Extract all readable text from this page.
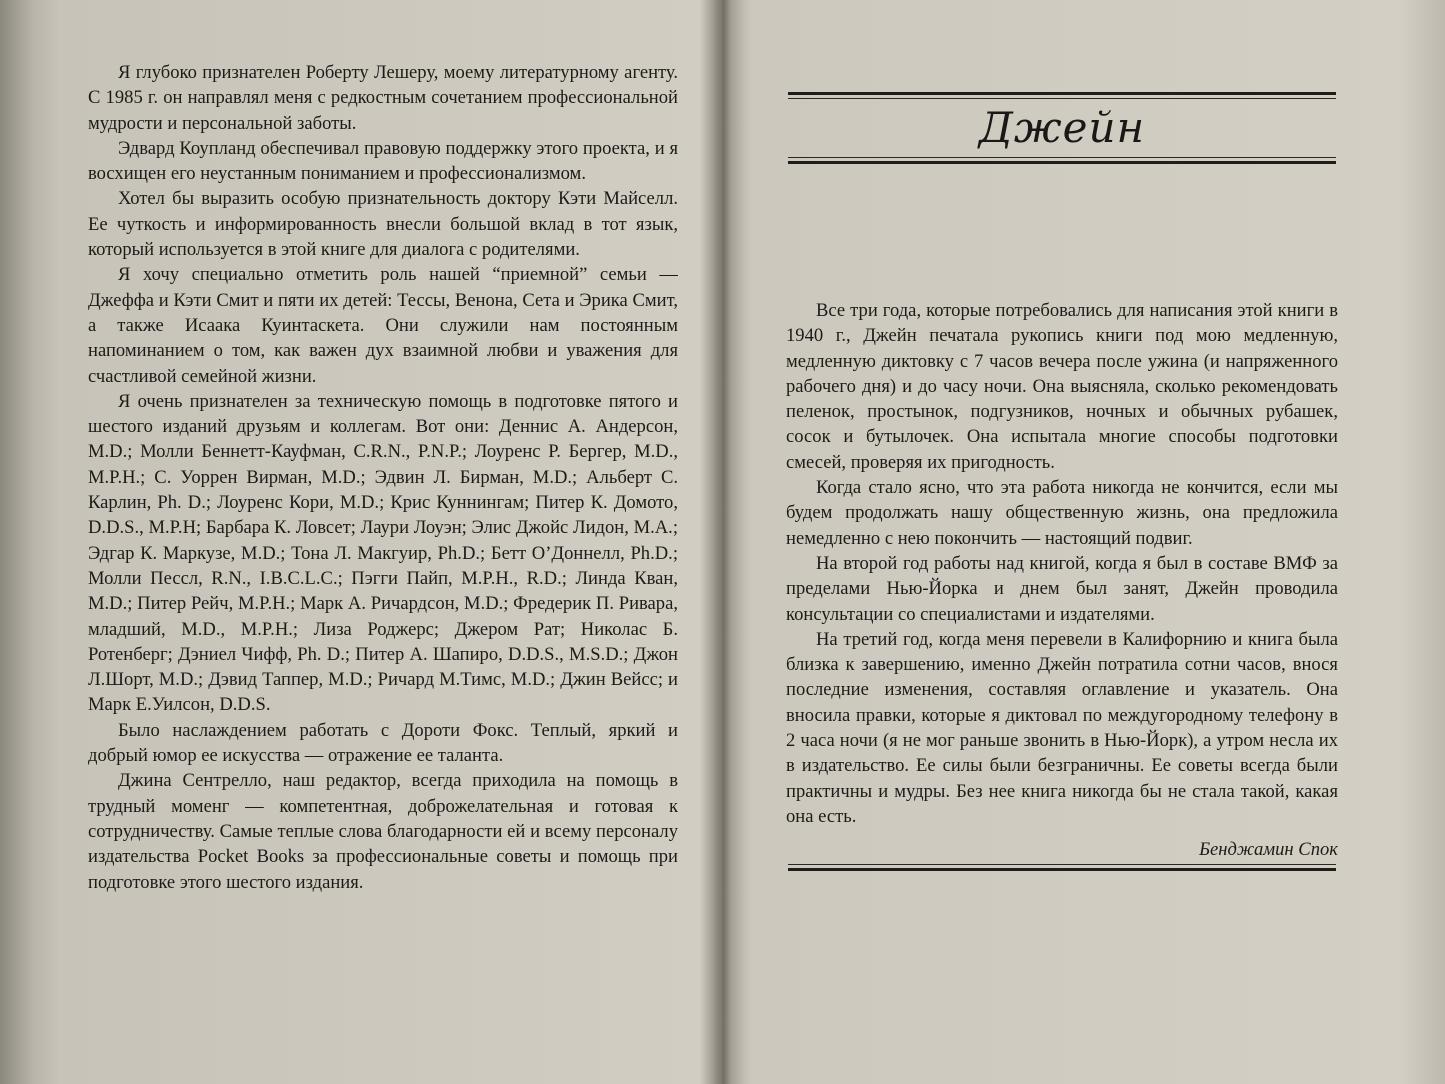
Я глубоко признателен Роберту Лешеру, моему литературному агенту. С 1985 г. он направлял меня с редкостным сочетанием профессиональной мудрости и персональной заботы.

Эдвард Коупланд обеспечивал правовую поддержку этого проекта, и я восхищен его неустанным пониманием и профессионализмом.

Хотел бы выразить особую признательность доктору Кэти Майселл. Ее чуткость и информированность внесли большой вклад в тот язык, который используется в этой книге для диалога с родителями.

Я хочу специально отметить роль нашей “приемной” семьи — Джеффа и Кэти Смит и пяти их детей: Тессы, Венона, Сета и Эрика Смит, а также Исаака Куинтаскета. Они служили нам постоянным напоминанием о том, как важен дух взаимной любви и уважения для счастливой семейной жизни.

Я очень признателен за техническую помощь в подготовке пятого и шестого изданий друзьям и коллегам. Вот они: Деннис А. Андерсон, M.D.; Молли Беннетт-Кауфман, C.R.N., P.N.P.; Лоуренс Р. Бергер, M.D., M.P.H.; С. Уоррен Вирман, M.D.; Эдвин Л. Бирман, M.D.; Альберт С. Карлин, Ph. D.; Лоуренс Кори, M.D.; Крис Куннингам; Питер К. Домото, D.D.S., M.P.H; Барбара К. Ловсет; Лаури Лоуэн; Элис Джойс Лидон, M.A.; Эдгар К. Маркузе, M.D.; Тона Л. Макгуир, Ph.D.; Бетт О’Доннелл, Ph.D.; Молли Пессл, R.N., I.B.C.L.C.; Пэгги Пайп, M.P.H., R.D.; Линда Кван, M.D.; Питер Рейч, M.P.H.; Марк А. Ричардсон, M.D.; Фредерик П. Ривара, младший, M.D., M.P.H.; Лиза Роджерс; Джером Рат; Николас Б. Ротенберг; Дэниел Чифф, Ph. D.; Питер А. Шапиро, D.D.S., M.S.D.; Джон Л.Шорт, M.D.; Дэвид Таппер, M.D.; Ричард М.Тимс, M.D.; Джин Вейсс; и Марк Е.Уилсон, D.D.S.

Было наслаждением работать с Дороти Фокс. Теплый, яркий и добрый юмор ее искусства — отражение ее таланта.

Джина Сентрелло, наш редактор, всегда приходила на помощь в трудный моменг — компетентная, доброжелательная и готовая к сотрудничеству. Самые теплые слова благодарности ей и всему персоналу издательства Pocket Books за профессиональные советы и помощь при подготовке этого шестого издания.

Джейн

Все три года, которые потребовались для написания этой книги в 1940 г., Джейн печатала рукопись книги под мою медленную, медленную диктовку с 7 часов вечера после ужина (и напряженного рабочего дня) и до часу ночи. Она выясняла, сколько рекомендовать пеленок, простынок, подгузников, ночных и обычных рубашек, сосок и бутылочек. Она испытала многие способы подготовки смесей, проверяя их пригодность.

Когда стало ясно, что эта работа никогда не кончится, если мы будем продолжать нашу общественную жизнь, она предложила немедленно с нею покончить — настоящий подвиг.

На второй год работы над книгой, когда я был в составе ВМФ за пределами Нью-Йорка и днем был занят, Джейн проводила консультации со специалистами и издателями.

На третий год, когда меня перевели в Калифорнию и книга была близка к завершению, именно Джейн потратила сотни часов, внося последние изменения, составляя оглавление и указатель. Она вносила правки, которые я диктовал по междугородному телефону в 2 часа ночи (я не мог раньше звонить в Нью-Йорк), а утром несла их в издательство. Ее силы были безграничны. Ее советы всегда были практичны и мудры. Без нее книга никогда бы не стала такой, какая она есть.

Бенджамин Спок
